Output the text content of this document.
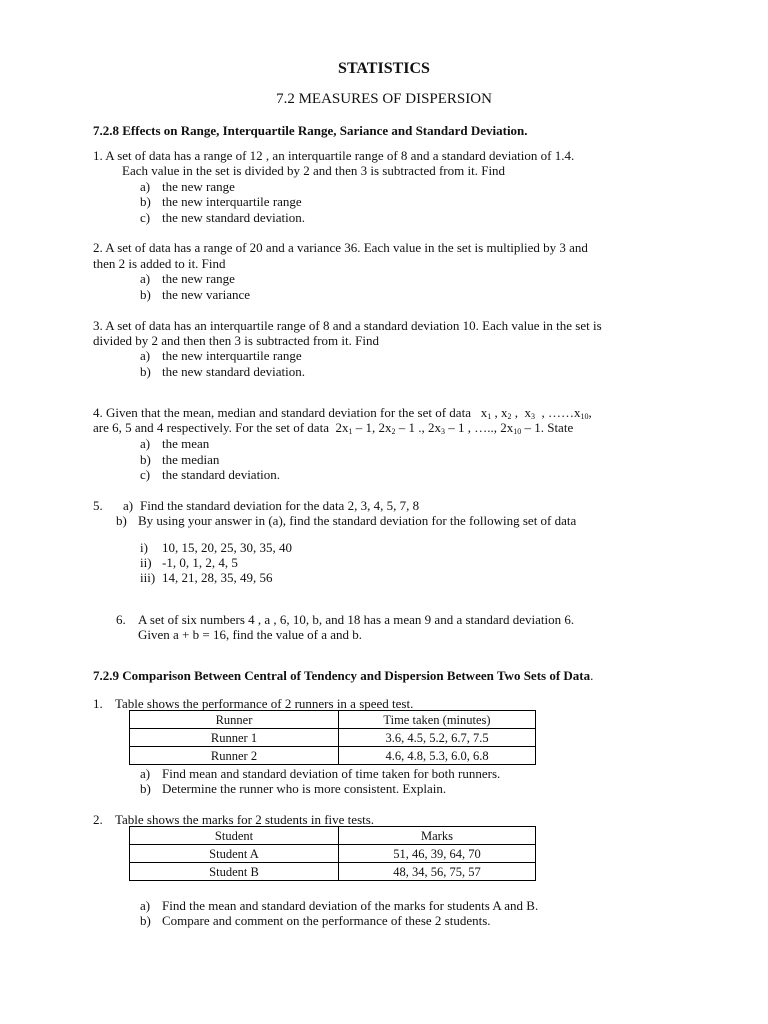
STATISTICS
7.2 MEASURES OF DISPERSION
7.2.8 Effects on Range, Interquartile Range, Sariance and Standard Deviation.
1. A set of data has a range of 12 , an interquartile range of 8 and a standard deviation of 1.4.
Each value in the set is divided by 2 and then 3 is subtracted from it. Find
a) the new range
b) the new interquartile range
c) the new standard deviation.
2. A set of data has a range of 20 and a variance 36. Each value in the set is multiplied by 3 and
then 2 is added to it. Find
a) the new range
b) the new variance
3. A set of data has an interquartile range of 8 and a standard deviation 10. Each value in the set is
divided by 2 and then then 3 is subtracted from it. Find
a) the new interquartile range
b) the new standard deviation.
4. Given that the mean, median and standard deviation for the set of data $x_1$ , $x_2$ ,  $x_3$  , $\dots\dots x_{10}$,
are 6, 5 and 4 respectively. For the set of data $2x_1 - 1$, $2x_2 - 1$ ., $2x_3 - 1$ , ….., $2x_{10} - 1$. State
a) the mean
b) the median
c) the standard deviation.
5. a) Find the standard deviation for the data 2, 3, 4, 5, 7, 8
b) By using your answer in (a), find the standard deviation for the following set of data
i) 10, 15, 20, 25, 30, 35, 40
ii) -1, 0, 1, 2, 4, 5
iii) 14, 21, 28, 35, 49, 56
6. A set of six numbers 4 , a , 6, 10, b, and 18 has a mean 9 and a standard deviation 6.
Given a + b = 16, find the value of a and b.
7.2.9 Comparison Between Central of Tendency and Dispersion Between Two Sets of Data.
1. Table shows the performance of 2 runners in a speed test.
Runner	Time taken (minutes)
Runner 1	3.6, 4.5, 5.2, 6.7, 7.5
Runner 2	4.6, 4.8, 5.3, 6.0, 6.8
a) Find mean and standard deviation of time taken for both runners.
b) Determine the runner who is more consistent. Explain.
2. Table shows the marks for 2 students in five tests.
Student	Marks
Student A	51, 46, 39, 64, 70
Student B	48, 34, 56, 75, 57
a) Find the mean and standard deviation of the marks for students A and B.
b) Compare and comment on the performance of these 2 students.
